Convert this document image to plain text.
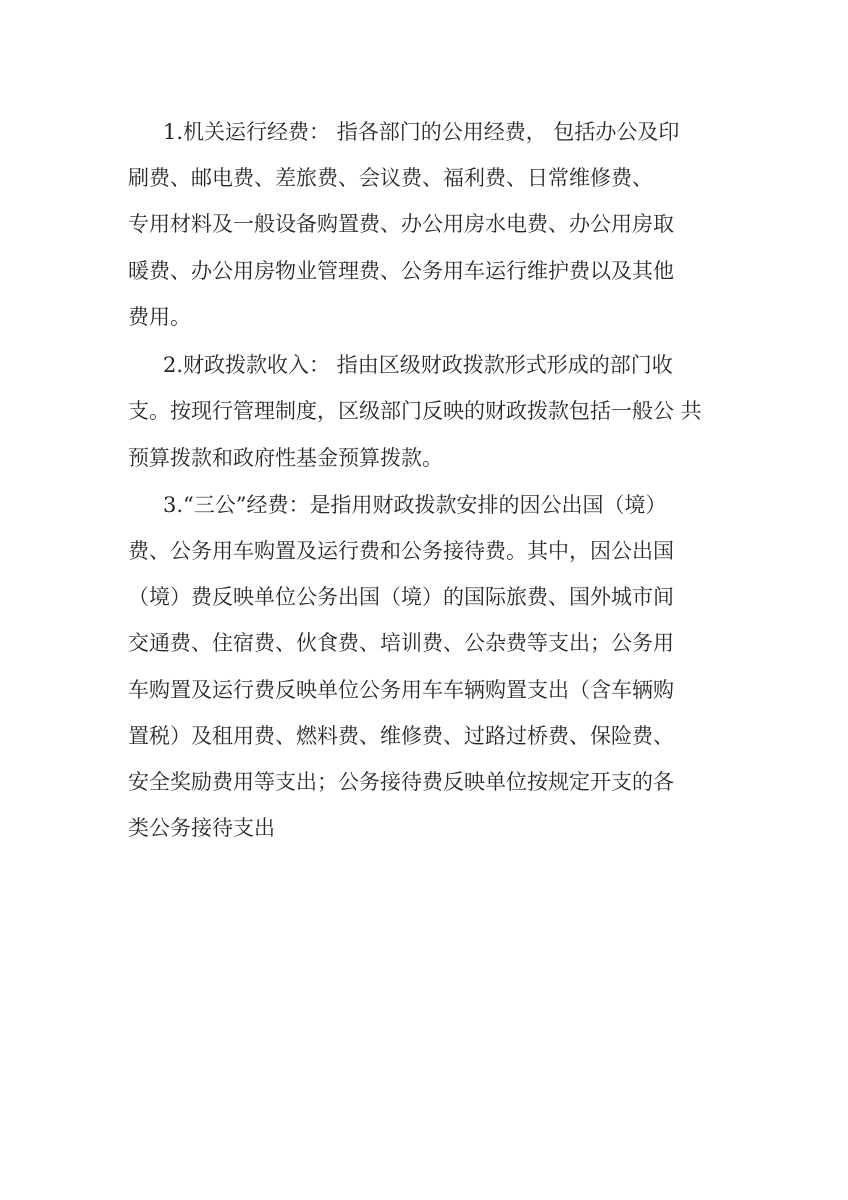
1.机关运行经费： 指各部门的公用经费， 包括办公及印

刷费、邮电费、差旅费、会议费、福利费、日常维修费、

专用材料及一般设备购置费、办公用房水电费、办公用房取

暖费、办公用房物业管理费、公务用车运行维护费以及其他

费用。

2.财政拨款收入： 指由区级财政拨款形式形成的部门收

支。按现行管理制度，区级部门反映的财政拨款包括一般公 共

预算拨款和政府性基金预算拨款。

3.“三公”经费：是指用财政拨款安排的因公出国（境）

费、公务用车购置及运行费和公务接待费。其中，因公出国

（境）费反映单位公务出国（境）的国际旅费、国外城市间

交通费、住宿费、伙食费、培训费、公杂费等支出；公务用

车购置及运行费反映单位公务用车车辆购置支出（含车辆购

置税）及租用费、燃料费、维修费、过路过桥费、保险费、

安全奖励费用等支出；公务接待费反映单位按规定开支的各

类公务接待支出
